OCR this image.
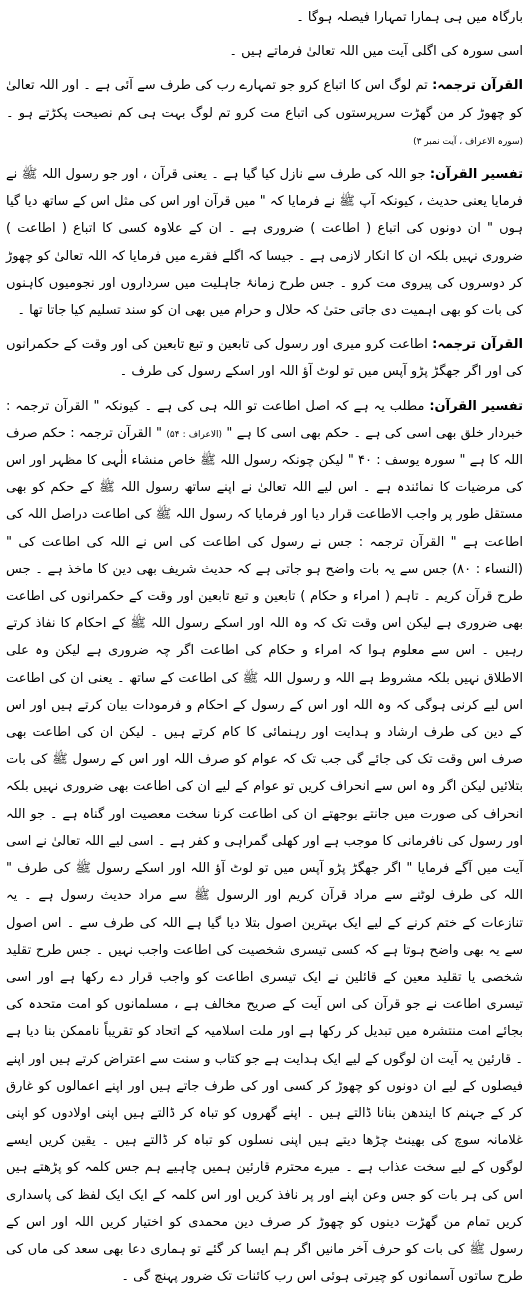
بارگاہ میں ہی ہمارا تمہارا فیصلہ ہوگا ۔

اسی سورہ کی اگلی آیت میں اللہ تعالیٰ فرماتے ہیں ۔

القرآن ترجمہ: تم لوگ اس کا اتباع کرو جو تمہارے رب کی طرف سے آئی ہے ۔ اور اللہ تعالیٰ کو چھوڑ کر من گھڑت سرپرستوں کی اتباع مت کرو تم لوگ بہت ہی کم نصیحت پکڑتے ہو ۔ (سورہ الاعراف ، آیت نمبر ۳)

تفسیر القرآن: جو اللہ کی طرف سے نازل کیا گیا ہے ۔ یعنی قرآن ، اور جو رسول اللہ ﷺ نے فرمایا یعنی حدیث ، کیونکہ آپ ﷺ نے فرمایا کہ " میں قرآن اور اس کی مثل اس کے ساتھ دیا گیا ہوں " ان دونوں کی اتباع ( اطاعت ) ضروری ہے ۔ ان کے علاوہ کسی کا اتباع ( اطاعت ) ضروری نہیں بلکہ ان کا انکار لازمی ہے ۔ جیسا کہ اگلے فقرے میں فرمایا کہ اللہ تعالیٰ کو چھوڑ کر دوسروں کی پیروی مت کرو ۔ جس طرح زمانۂ جاہلیت میں سرداروں اور نجومیوں کاہنوں کی بات کو بھی اہمیت دی جاتی حتیٰ کہ حلال و حرام میں بھی ان کو سند تسلیم کیا جاتا تھا ۔

القرآن ترجمہ: اطاعت کرو میری اور رسول کی تابعین و تبع تابعین کی اور وقت کے حکمرانوں کی اور اگر جھگڑ پڑو آپس میں تو لوٹ آؤ اللہ اور اسکے رسول کی طرف ۔

تفسیر القرآن: مطلب یہ ہے کہ اصل اطاعت تو اللہ ہی کی ہے ۔ کیونکہ " القرآن ترجمہ : خبردار خلق بھی اسی کی ہے ۔ حکم بھی اسی کا ہے " (الاعراف : ۵۴) " القرآن ترجمہ : حکم صرف اللہ کا ہے " سورہ یوسف : ۴۰ " لیکن چونکہ رسول اللہ ﷺ خاص منشاء الٰہی کا مظہر اور اس کی مرضیات کا نمائندہ ہے ۔ اس لیے اللہ تعالیٰ نے اپنے ساتھ رسول اللہ ﷺ کے حکم کو بھی مستقل طور پر واجب الاطاعت قرار دیا اور فرمایا کہ رسول اللہ ﷺ کی اطاعت دراصل اللہ کی اطاعت ہے " القرآن ترجمہ : جس نے رسول کی اطاعت کی اس نے اللہ کی اطاعت کی " (النساء : ۸۰) جس سے یہ بات واضح ہو جاتی ہے کہ حدیث شریف بھی دین کا ماخذ ہے ۔ جس طرح قرآن کریم ۔ تاہم ( امراء و حکام ) تابعین و تبع تابعین اور وقت کے حکمرانوں کی اطاعت بھی ضروری ہے لیکن اس وقت تک کہ وہ اللہ اور اسکے رسول اللہ ﷺ کے احکام کا نفاذ کرتے رہیں ۔ اس سے معلوم ہوا کہ امراء و حکام کی اطاعت اگر چہ ضروری ہے لیکن وہ علی الاطلاق نہیں بلکہ مشروط ہے اللہ و رسول اللہ ﷺ کی اطاعت کے ساتھ ۔ یعنی ان کی اطاعت اس لیے کرنی ہوگی کہ وہ اللہ اور اس کے رسول کے احکام و فرمودات بیان کرتے ہیں اور اس کے دین کی طرف ارشاد و ہدایت اور رہنمائی کا کام کرتے ہیں ۔ لیکن ان کی اطاعت بھی صرف اس وقت تک کی جائے گی جب تک کہ عوام کو صرف اللہ اور اس کے رسول ﷺ کی بات بتلائیں لیکن اگر وہ اس سے انحراف کریں تو عوام کے لیے ان کی اطاعت بھی ضروری نہیں بلکہ انحراف کی صورت میں جانتے بوجھتے ان کی اطاعت کرنا سخت معصیت اور گناہ ہے ۔ جو اللہ اور رسول کی نافرمانی کا موجب ہے اور کھلی گمراہی و کفر ہے ۔ اسی لیے اللہ تعالیٰ نے اسی آیت میں آگے فرمایا " اگر جھگڑ پڑو آپس میں تو لوٹ آؤ اللہ اور اسکے رسول ﷺ کی طرف " اللہ کی طرف لوٹنے سے مراد قرآن کریم اور الرسول ﷺ سے مراد حدیث رسول ہے ۔ یہ تنازعات کے ختم کرنے کے لیے ایک بہترین اصول بتلا دیا گیا ہے اللہ کی طرف سے ۔ اس اصول سے یہ بھی واضح ہوتا ہے کہ کسی تیسری شخصیت کی اطاعت واجب نہیں ۔ جس طرح تقلید شخصی یا تقلید معین کے قائلین نے ایک تیسری اطاعت کو واجب قرار دے رکھا ہے اور اسی تیسری اطاعت نے جو قرآن کی اس آیت کے صریح مخالف ہے ، مسلمانوں کو امت متحدہ کی بجائے امت منتشرہ میں تبدیل کر رکھا ہے اور ملت اسلامیہ کے اتحاد کو تقریباً ناممکن بنا دیا ہے ۔ قارئین یہ آیت ان لوگوں کے لیے ایک ہدایت ہے جو کتاب و سنت سے اعتراض کرتے ہیں اور اپنے فیصلوں کے لیے ان دونوں کو چھوڑ کر کسی اور کی طرف جاتے ہیں اور اپنے اعمالوں کو غارق کر کے جہنم کا ایندھن بنانا ڈالتے ہیں ۔ اپنے گھروں کو تباہ کر ڈالتے ہیں اپنی اولادوں کو اپنی غلامانہ سوچ کی بھینٹ چڑھا دیتے ہیں اپنی نسلوں کو تباہ کر ڈالتے ہیں ۔ یقین کریں ایسے لوگوں کے لیے سخت عذاب ہے ۔ میرے محترم قارئین ہمیں چاہیے ہم جس کلمہ کو پڑھتے ہیں اس کی ہر بات کو جس وعن اپنے اور پر نافذ کریں اور اس کلمہ کے ایک ایک لفظ کی پاسداری کریں تمام من گھڑت دینوں کو چھوڑ کر صرف دین محمدی کو اختیار کریں اللہ اور اس کے رسول ﷺ کی بات کو حرف آخر مانیں اگر ہم ایسا کر گئے تو ہماری دعا بھی سعد کی ماں کی طرح ساتوں آسمانوں کو چیرتی ہوئی اس رب کائنات تک ضرور پہنچ گی ۔
